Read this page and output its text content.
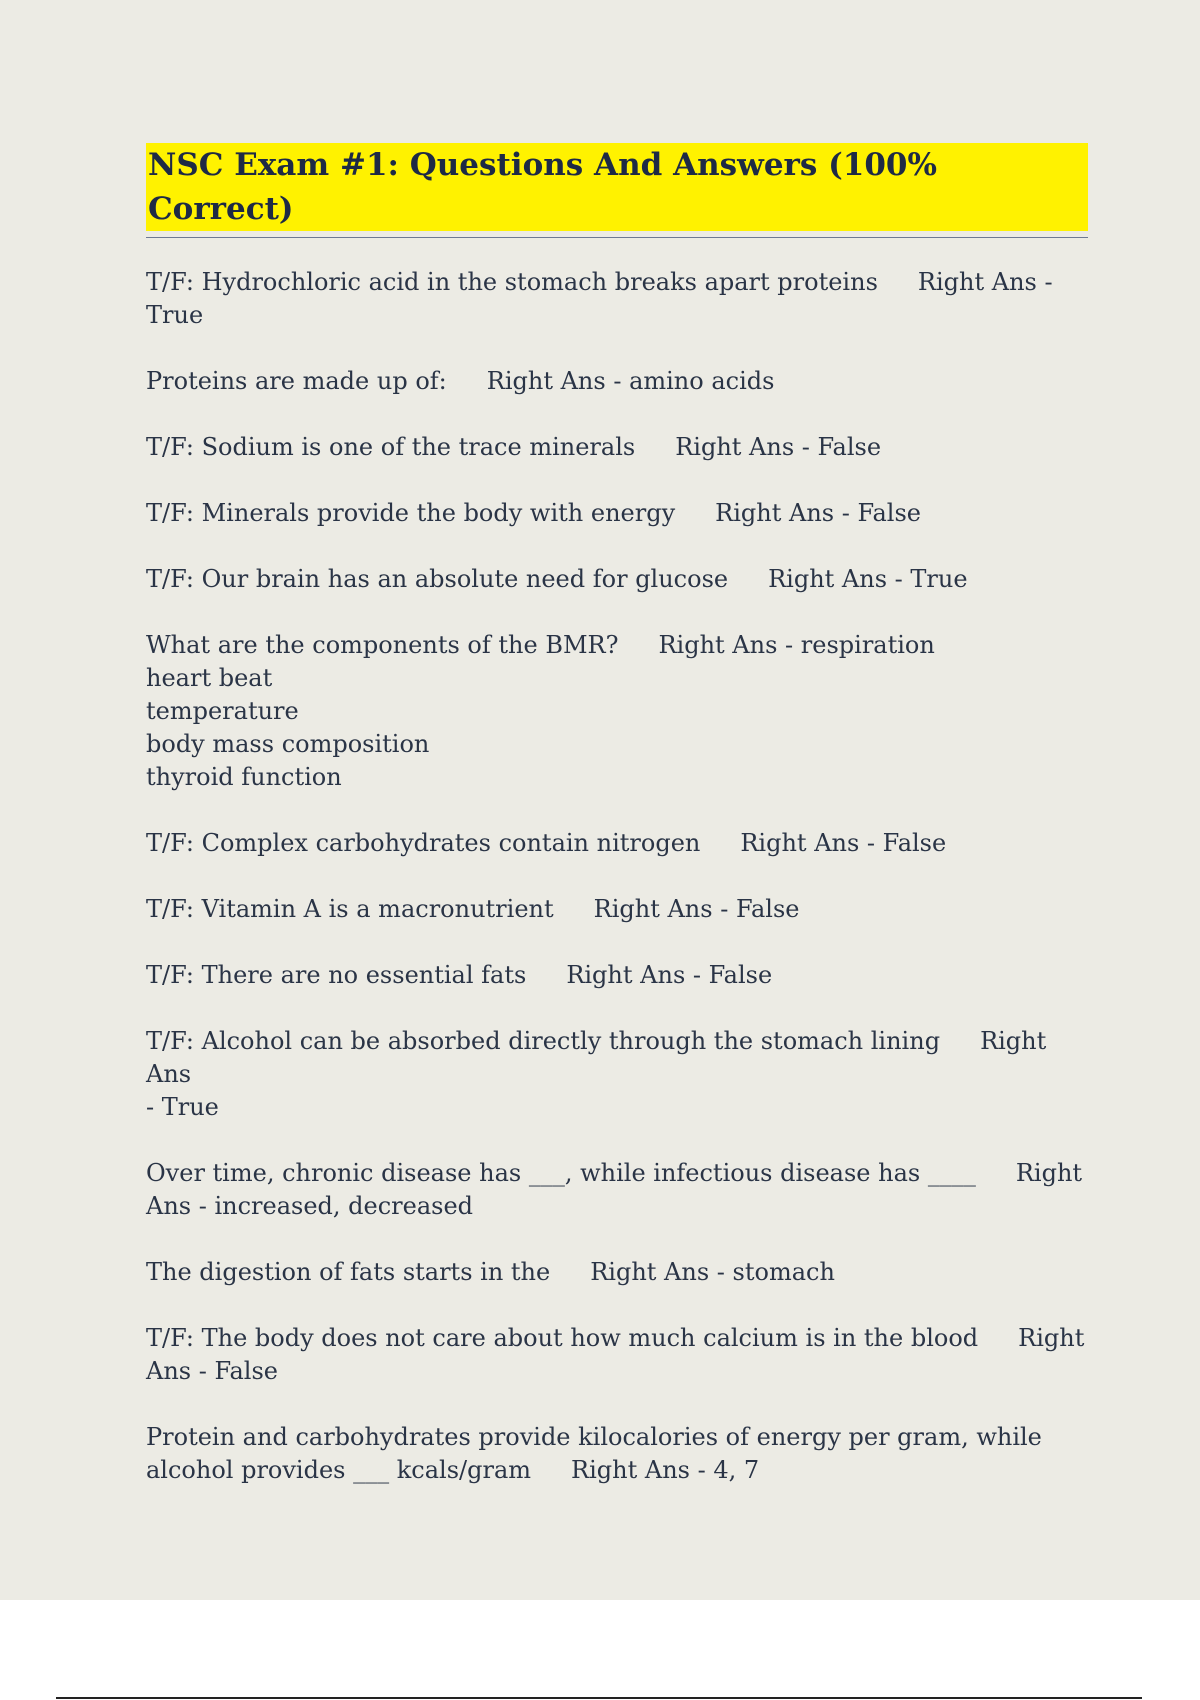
NSC Exam #1: Questions And Answers (100% Correct)
T/F: Hydrochloric acid in the stomach breaks apart proteins Right Ans -
True
Proteins are made up of: Right Ans - amino acids
T/F: Sodium is one of the trace minerals Right Ans - False
T/F: Minerals provide the body with energy Right Ans - False
T/F: Our brain has an absolute need for glucose Right Ans - True
What are the components of the BMR? Right Ans - respiration
heart beat
temperature
body mass composition
thyroid function
T/F: Complex carbohydrates contain nitrogen Right Ans - False
T/F: Vitamin A is a macronutrient Right Ans - False
T/F: There are no essential fats Right Ans - False
T/F: Alcohol can be absorbed directly through the stomach lining Right Ans
- True
Over time, chronic disease has ___, while infectious disease has ____ Right
Ans - increased, decreased
The digestion of fats starts in the Right Ans - stomach
T/F: The body does not care about how much calcium is in the blood Right
Ans - False
Protein and carbohydrates provide kilocalories of energy per gram, while
alcohol provides ___ kcals/gram Right Ans - 4, 7
